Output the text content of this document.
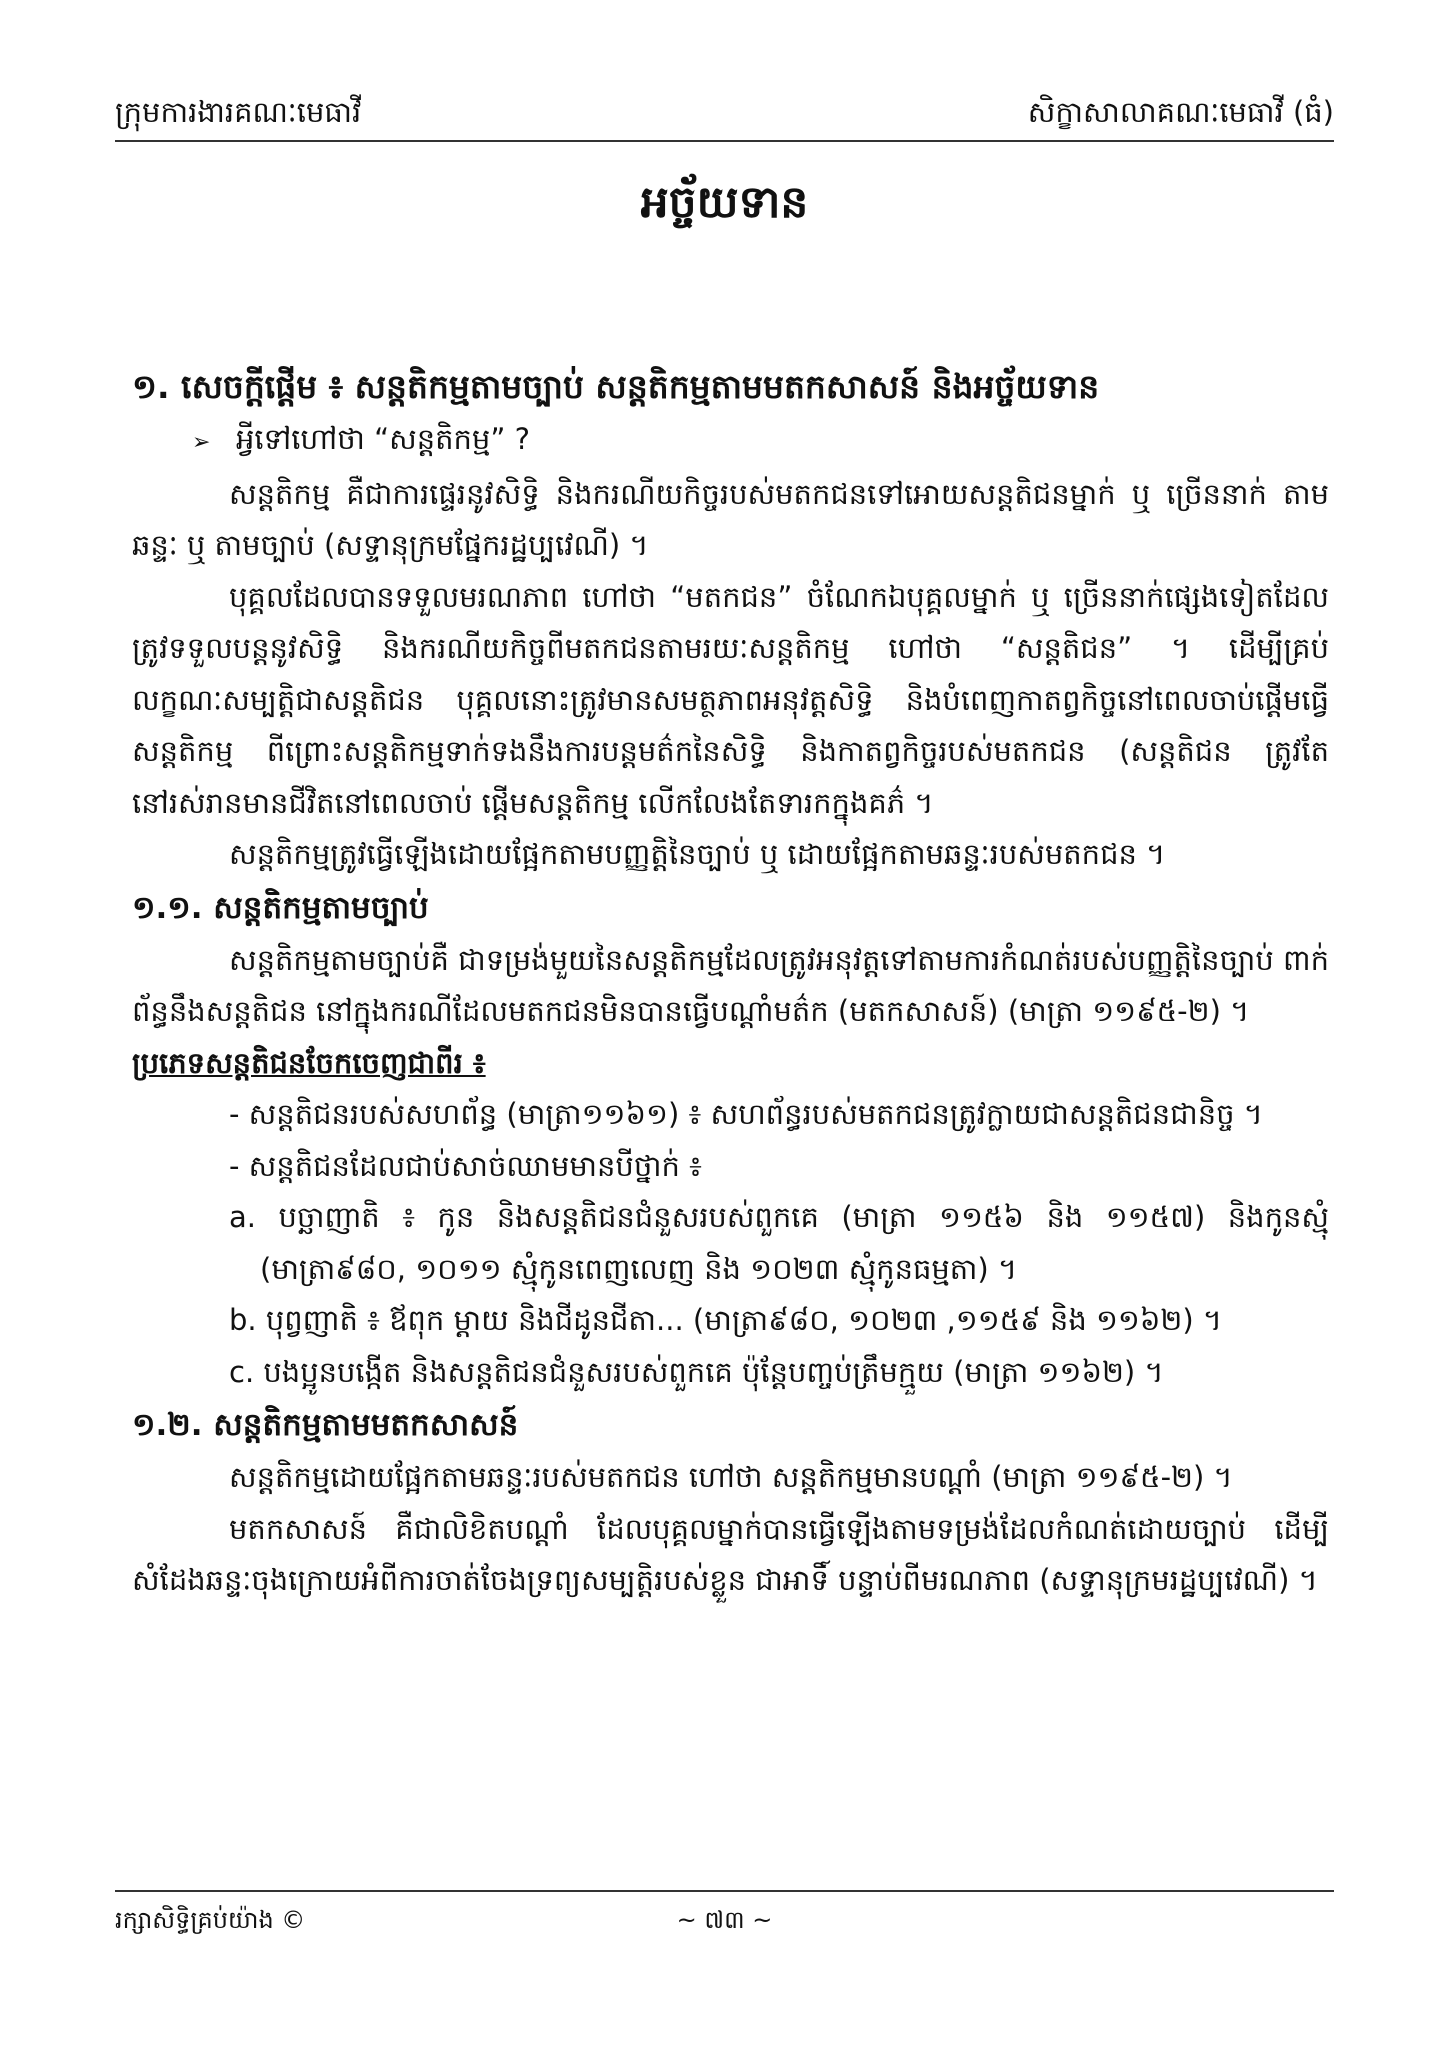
ក្រុមការងារគណៈមេធាវី	សិក្ខាសាលាគណៈមេធាវី (ធំ)
អច្ច័យទាន

១. សេចក្ដីផ្ដើម ៖ សន្តតិកម្មតាមច្បាប់ សន្តតិកម្មតាមមតកសាសន៍ និងអច្ច័យទាន

➢ អ្វីទៅហៅថា “សន្តតិកម្ម” ?

សន្តតិកម្ម គឺជាការផ្ទេរនូវសិទ្ធិ និងករណីយកិច្ចរបស់មតកជនទៅអោយសន្តតិជនម្នាក់ ឬ ច្រើននាក់ តាមឆន្ទៈ ឬ តាមច្បាប់ (សទ្ទានុក្រមផ្នែករដ្ឋប្បវេណី) ។

បុគ្គលដែលបានទទួលមរណភាព ហៅថា “មតកជន” ចំណែកឯបុគ្គលម្នាក់ ឬ ច្រើននាក់ផ្សេងទៀតដែលត្រូវទទួលបន្តនូវសិទ្ធិ និងករណីយកិច្ចពីមតកជនតាមរយៈសន្តតិកម្ម ហៅថា “សន្តតិជន” ។ ដើម្បីគ្រប់ លក្ខណៈសម្បត្តិជាសន្តតិជន បុគ្គលនោះត្រូវមានសមត្ថភាពអនុវត្តសិទ្ធិ និងបំពេញកាតព្វកិច្ចនៅពេលចាប់ផ្ដើមធ្វើសន្តតិកម្ម ពីព្រោះសន្តតិកម្មទាក់ទងនឹងការបន្តមត៌កនៃសិទ្ធិ និងកាតព្វកិច្ចរបស់មតកជន (សន្តតិជន ត្រូវតែនៅរស់រានមានជីវិតនៅពេលចាប់ ផ្ដើមសន្តតិកម្ម លើកលែងតែទារកក្នុងគភ៌ ។

សន្តតិកម្មត្រូវធ្វើឡើងដោយផ្អែកតាមបញ្ញត្តិនៃច្បាប់ ឬ ដោយផ្អែកតាមឆន្ទៈរបស់មតកជន ។

១.១. សន្តតិកម្មតាមច្បាប់

សន្តតិកម្មតាមច្បាប់គឺ ជាទម្រង់មួយនៃសន្តតិកម្មដែលត្រូវអនុវត្តទៅតាមការកំណត់របស់បញ្ញត្តិនៃច្បាប់ ពាក់ព័ន្ធនឹងសន្តតិជន នៅក្នុងករណីដែលមតកជនមិនបានធ្វើបណ្ដាំមត៌ក (មតកសាសន៍) (មាត្រា ១១៩៥-២) ។

ប្រភេទសន្តតិជនចែកចេញជាពីរ ៖

- សន្តតិជនរបស់សហព័ន្ធ (មាត្រា១១៦១) ៖ សហព័ន្ធរបស់មតកជនត្រូវក្លាយជាសន្តតិជនជានិច្ច ។

- សន្តតិជនដែលជាប់សាច់ឈាមមានបីថ្នាក់ ៖

a. បច្ឆាញាតិ ៖ កូន និងសន្តតិជនជំនួសរបស់ពួកគេ (មាត្រា ១១៥៦ និង ១១៥៧) និងកូនស្មុំ (មាត្រា៩៨០, ១០១១ ស្មុំកូនពេញលេញ និង ១០២៣ ស្មុំកូនធម្មតា) ។

b. បុព្វញាតិ ៖ ឪពុក ម្ដាយ និងជីដូនជីតា... (មាត្រា៩៨០, ១០២៣ ,១១៥៩ និង ១១៦២) ។

c. បងប្អូនបង្កើត និងសន្តតិជនជំនួសរបស់ពួកគេ ប៉ុន្តែបញ្ចប់ត្រឹមក្មួយ (មាត្រា ១១៦២) ។

១.២. សន្តតិកម្មតាមមតកសាសន៍

សន្តតិកម្មដោយផ្អែកតាមឆន្ទៈរបស់មតកជន ហៅថា សន្តតិកម្មមានបណ្ដាំ (មាត្រា ១១៩៥-២) ។

មតកសាសន៍ គឺជាលិខិតបណ្ដាំ ដែលបុគ្គលម្នាក់បានធ្វើឡើងតាមទម្រង់ដែលកំណត់ដោយច្បាប់ ដើម្បី សំដែងឆន្ទៈចុងក្រោយអំពីការចាត់ចែងទ្រព្យសម្បត្តិរបស់ខ្លួន ជាអាទិ៍ បន្ទាប់ពីមរណភាព (សទ្ទានុក្រមរដ្ឋប្បវេណី) ។

រក្សាសិទ្ធិគ្រប់យ៉ាង ©	~ ៧៣ ~
